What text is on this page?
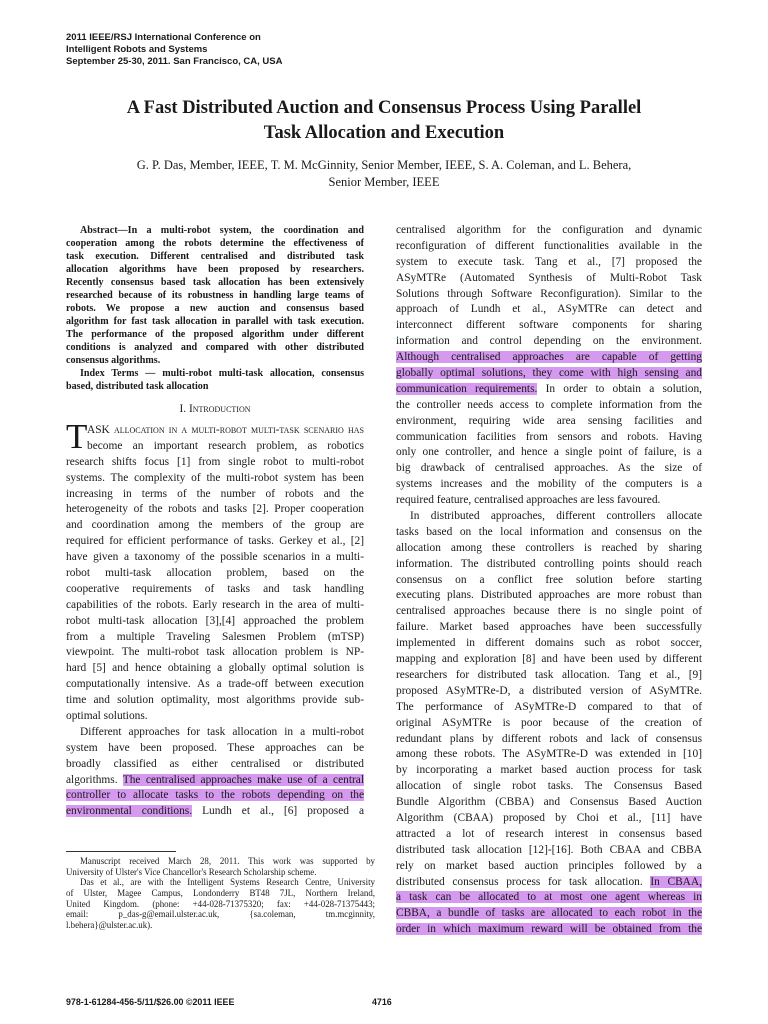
2011 IEEE/RSJ International Conference on
Intelligent Robots and Systems
September 25-30, 2011. San Francisco, CA, USA
A Fast Distributed Auction and Consensus Process Using Parallel
Task Allocation and Execution
G. P. Das, Member, IEEE, T. M. McGinnity, Senior Member, IEEE, S. A. Coleman, and L. Behera,
Senior Member, IEEE
Abstract—In a multi-robot system, the coordination and
cooperation among the robots determine the effectiveness of
task execution. Different centralised and distributed task
allocation algorithms have been proposed by researchers.
Recently consensus based task allocation has been extensively
researched because of its robustness in handling large teams of
robots. We propose a new auction and consensus based
algorithm for fast task allocation in parallel with task execution.
The performance of the proposed algorithm under different
conditions is analyzed and compared with other distributed
consensus algorithms.
Index Terms — multi-robot multi-task allocation, consensus
based, distributed task allocation
I. Introduction
T ASK allocation in a multi-robot multi-task scenario has
become an important research problem, as robotics
research shifts focus [1] from single robot to multi-robot
systems. The complexity of the multi-robot system has been
increasing in terms of the number of robots and the
heterogeneity of the robots and tasks [2]. Proper cooperation
and coordination among the members of the group are
required for efficient performance of tasks. Gerkey et al., [2]
have given a taxonomy of the possible scenarios in a multi-
robot multi-task allocation problem, based on the
cooperative requirements of tasks and task handling
capabilities of the robots. Early research in the area of multi-
robot multi-task allocation [3],[4] approached the problem
from a multiple Traveling Salesmen Problem (mTSP)
viewpoint. The multi-robot task allocation problem is NP-
hard [5] and hence obtaining a globally optimal solution is
computationally intensive. As a trade-off between execution
time and solution optimality, most algorithms provide sub-
optimal solutions.
Different approaches for task allocation in a multi-robot
system have been proposed. These approaches can be
broadly classified as either centralised or distributed
algorithms. The centralised approaches make use of a central
controller to allocate tasks to the robots depending on the
environmental conditions. Lundh et al., [6] proposed a
Manuscript received March 28, 2011. This work was supported by
University of Ulster's Vice Chancellor's Research Scholarship scheme.
Das et al., are with the Intelligent Systems Research Centre, University
of Ulster, Magee Campus, Londonderry BT48 7JL, Northern Ireland,
United Kingdom. (phone: +44-028-71375320; fax: +44-028-71375443;
email: p_das-g@email.ulster.ac.uk, {sa.coleman, tm.mcginnity,
l.behera}@ulster.ac.uk).
centralised algorithm for the configuration and dynamic
reconfiguration of different functionalities available in the
system to execute task. Tang et al., [7] proposed the
ASyMTRe (Automated Synthesis of Multi-Robot Task
Solutions through Software Reconfiguration). Similar to the
approach of Lundh et al., ASyMTRe can detect and
interconnect different software components for sharing
information and control depending on the environment.
Although centralised approaches are capable of getting
globally optimal solutions, they come with high sensing and
communication requirements. In order to obtain a solution,
the controller needs access to complete information from the
environment, requiring wide area sensing facilities and
communication facilities from sensors and robots. Having
only one controller, and hence a single point of failure, is a
big drawback of centralised approaches. As the size of
systems increases and the mobility of the computers is a
required feature, centralised approaches are less favoured.
In distributed approaches, different controllers allocate
tasks based on the local information and consensus on the
allocation among these controllers is reached by sharing
information. The distributed controlling points should reach
consensus on a conflict free solution before starting
executing plans. Distributed approaches are more robust than
centralised approaches because there is no single point of
failure. Market based approaches have been successfully
implemented in different domains such as robot soccer,
mapping and exploration [8] and have been used by different
researchers for distributed task allocation. Tang et al., [9]
proposed ASyMTRe-D, a distributed version of ASyMTRe.
The performance of ASyMTRe-D compared to that of
original ASyMTRe is poor because of the creation of
redundant plans by different robots and lack of consensus
among these robots. The ASyMTRe-D was extended in [10]
by incorporating a market based auction process for task
allocation of single robot tasks. The Consensus Based
Bundle Algorithm (CBBA) and Consensus Based Auction
Algorithm (CBAA) proposed by Choi et al., [11] have
attracted a lot of research interest in consensus based
distributed task allocation [12]-[16]. Both CBAA and CBBA
rely on market based auction principles followed by a
distributed consensus process for task allocation. In CBAA,
a task can be allocated to at most one agent whereas in
CBBA, a bundle of tasks are allocated to each robot in the
order in which maximum reward will be obtained from the
978-1-61284-456-5/11/$26.00 ©2011 IEEE	4716
